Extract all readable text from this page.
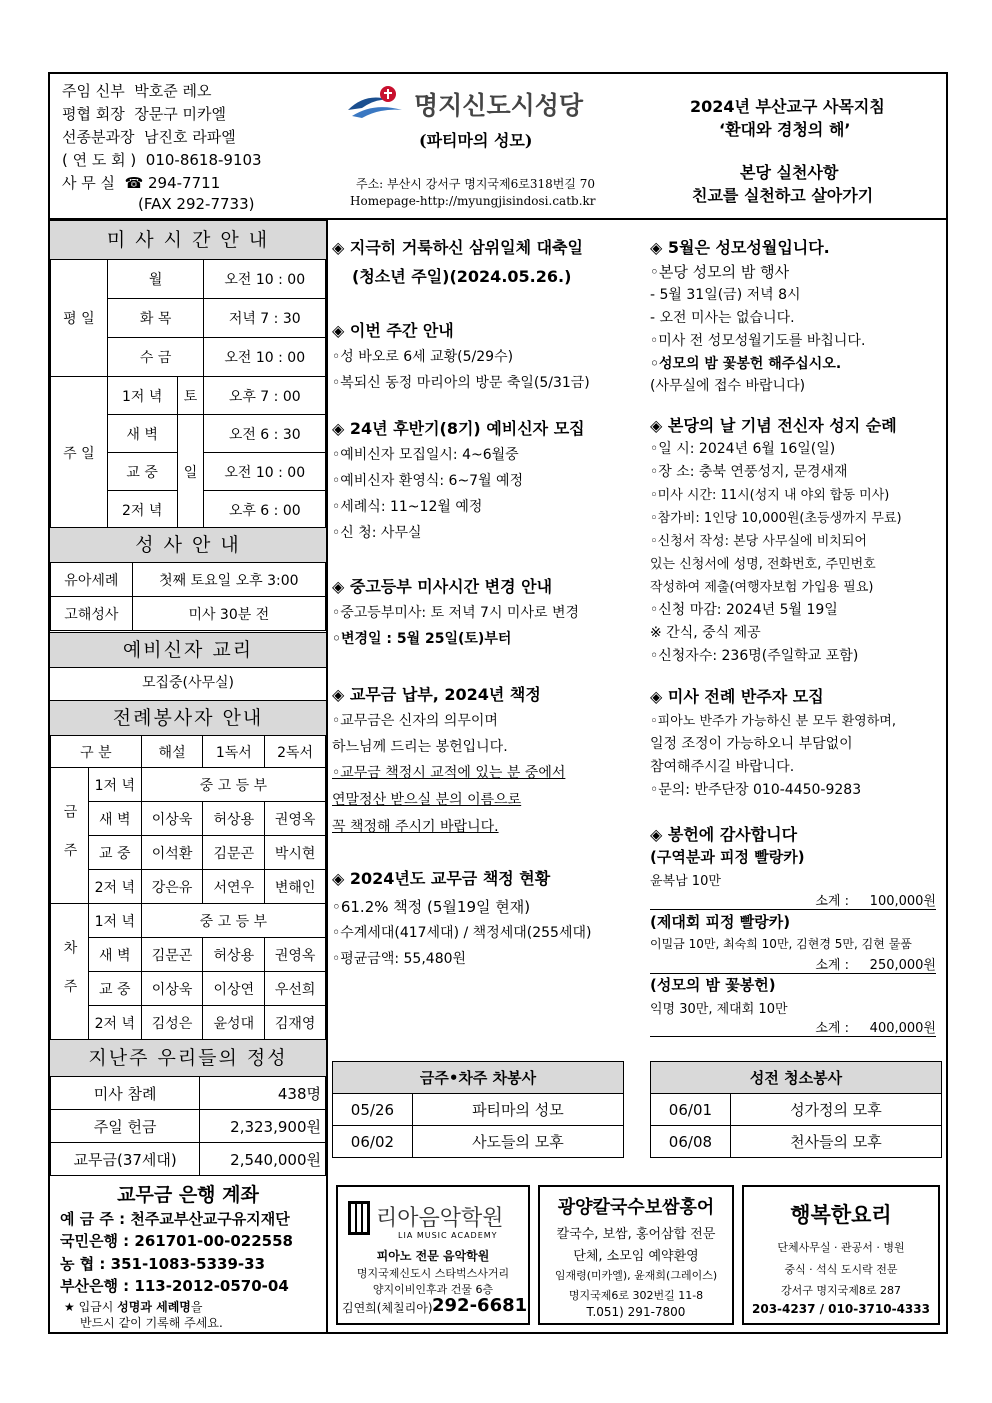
주임 신부 박호준 레오
평협 회장 장문구 미카엘
선종분과장 남진호 라파엘
( 연 도 회 ) 010-8618-9103
사 무 실 ☎ 294-7711
(FAX 292-7733)
명지신도시성당
(파티마의 성모)
주소: 부산시 강서구 명지국제6로318번길 70
Homepage-http://myungjisindosi.catb.kr
2024년 부산교구 사목지침
‘환대와 경청의 해’
본당 실천사항
친교를 실천하고 살아가기
미 사 시 간 안 내
평 일	월		오전 10 : 00
	화 목		저녁 7 : 30
	수 금		오전 10 : 00
주 일	1저 녁	토	오후 7 : 00
	새 벽	일	오전 6 : 30
	교 중		오전 10 : 00
	2저 녁		오후 6 : 00
성 사 안 내
유아세례	첫째 토요일 오후 3:00
고해성사	미사 30분 전
예비신자 교리
모집중(사무실)
전례봉사자 안내
구 분		해설	1독서	2독서
금 주	1저 녁	중 고 등 부		
	새 벽	이상욱	허상용	권영옥
	교 중	이석환	김문곤	박시현
	2저 녁	강은유	서연우	변해인
차 주	1저 녁	중 고 등 부		
	새 벽	김문곤	허상용	권영옥
	교 중	이상욱	이상연	우선희
	2저 녁	김성은	윤성대	김재영
지난주 우리들의 정성
미사 참례	438명
주일 헌금	2,323,900원
교무금(37세대)	2,540,000원
교무금 은행 계좌
예 금 주 : 천주교부산교구유지재단
국민은행 : 261701-00-022558
농 협 : 351-1083-5339-33
부산은행 : 113-2012-0570-04
★ 입금시 성명과 세례명을
반드시 같이 기록해 주세요.
◈ 지극히 거룩하신 삼위일체 대축일
(청소년 주일)(2024.05.26.)
◈ 이번 주간 안내
◦성 바오로 6세 교황(5/29수)
◦복되신 동정 마리아의 방문 축일(5/31금)
◈ 24년 후반기(8기) 예비신자 모집
◦예비신자 모집일시: 4~6월중
◦예비신자 환영식: 6~7월 예정
◦세례식: 11~12월 예정
◦신 청: 사무실
◈ 중고등부 미사시간 변경 안내
◦중고등부미사: 토 저녁 7시 미사로 변경
◦변경일 : 5월 25일(토)부터
◈ 교무금 납부, 2024년 책정
◦교무금은 신자의 의무이며
하느님께 드리는 봉헌입니다.
◦교무금 책정시 교적에 있는 분 중에서
연말정산 받으실 분의 이름으로
꼭 책정해 주시기 바랍니다.
◈ 2024년도 교무금 책정 현황
◦61.2% 책정 (5월19일 현재)
◦수계세대(417세대) / 책정세대(255세대)
◦평균금액: 55,480원
◈ 5월은 성모성월입니다.
◦본당 성모의 밤 행사
- 5월 31일(금) 저녁 8시
- 오전 미사는 없습니다.
◦미사 전 성모성월기도를 바칩니다.
◦성모의 밤 꽃봉헌 해주십시오.
(사무실에 접수 바랍니다)
◈ 본당의 날 기념 전신자 성지 순례
◦일 시: 2024년 6월 16일(일)
◦장 소: 충북 연풍성지, 문경새재
◦미사 시간: 11시(성지 내 야외 합동 미사)
◦참가비: 1인당 10,000원(초등생까지 무료)
◦신청서 작성: 본당 사무실에 비치되어
있는 신청서에 성명, 전화번호, 주민번호
작성하여 제출(여행자보험 가입용 필요)
◦신청 마감: 2024년 5월 19일
※ 간식, 중식 제공
◦신청자수: 236명(주일학교 포함)
◈ 미사 전례 반주자 모집
◦피아노 반주가 가능하신 분 모두 환영하며,
일정 조정이 가능하오니 부담없이
참여해주시길 바랍니다.
◦문의: 반주단장 010-4450-9283
◈ 봉헌에 감사합니다
(구역분과 피정 빨랑카)
윤복남 10만
소계 : 100,000원
(제대회 피정 빨랑카)
이밀금 10만, 최숙희 10만, 김현경 5만, 김현 물품
소계 : 250,000원
(성모의 밤 꽃봉헌)
익명 30만, 제대회 10만
소계 : 400,000원
금주•차주 차봉사	
05/26	파티마의 성모
06/02	사도들의 모후
성전 청소봉사	
06/01	성가정의 모후
06/08	천사들의 모후
리아음악학원
LIA MUSIC ACADEMY
피아노 전문 음악학원
명지국제신도시 스타벅스사거리
양지이비인후과 건물 6층
김연희(체칠리아) 292-6681
광양칼국수보쌈홍어
칼국수, 보쌈, 홍어삼합 전문
단체, 소모임 예약환영
임재령(미카엘), 윤재희(그레이스)
명지국제6로 302번길 11-8
T.051) 291-7800
행복한요리
단체사무실 · 관공서 · 병원
중식 · 석식 도시락 전문
강서구 명지국제8로 287
203-4237 / 010-3710-4333
